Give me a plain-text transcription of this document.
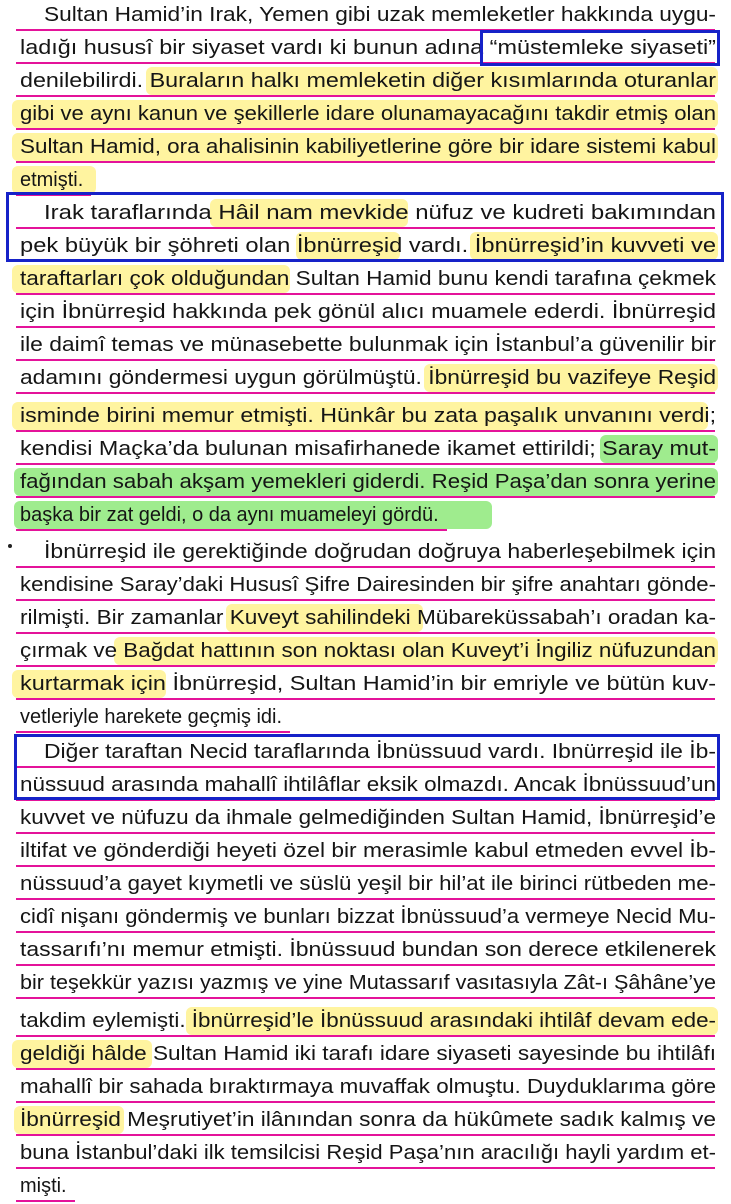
Sultan Hamid’in Irak, Yemen gibi uzak memleketler hakkında uygu-
ladığı hususî bir siyaset vardı ki bunun adına “müstemleke siyaseti”
denilebilirdi. Buraların halkı memleketin diğer kısımlarında oturanlar
gibi ve aynı kanun ve şekillerle idare olunamayacağını takdir etmiş olan
Sultan Hamid, ora ahalisinin kabiliyetlerine göre bir idare sistemi kabul
etmişti.
Irak taraflarında Hâil nam mevkide nüfuz ve kudreti bakımından
pek büyük bir şöhreti olan İbnürreşid vardı. İbnürreşid’in kuvveti ve
taraftarları çok olduğundan Sultan Hamid bunu kendi tarafına çekmek
için İbnürreşid hakkında pek gönül alıcı muamele ederdi. İbnürreşid
ile daimî temas ve münasebette bulunmak için İstanbul’a güvenilir bir
adamını göndermesi uygun görülmüştü. İbnürreşid bu vazifeye Reşid
isminde birini memur etmişti. Hünkâr bu zata paşalık unvanını verdi;
kendisi Maçka’da bulunan misafirhanede ikamet ettirildi; Saray mut-
fağından sabah akşam yemekleri giderdi. Reşid Paşa’dan sonra yerine
başka bir zat geldi, o da aynı muameleyi gördü.
İbnürreşid ile gerektiğinde doğrudan doğruya haberleşebilmek için
kendisine Saray’daki Hususî Şifre Dairesinden bir şifre anahtarı gönde-
rilmişti. Bir zamanlar Kuveyt sahilindeki Mübareküssabah’ı oradan ka-
çırmak ve Bağdat hattının son noktası olan Kuveyt’i İngiliz nüfuzundan
kurtarmak için İbnürreşid, Sultan Hamid’in bir emriyle ve bütün kuv-
vetleriyle harekete geçmiş idi.
Diğer taraftan Necid taraflarında İbnüssuud vardı. Ibnürreşid ile İb-
nüssuud arasında mahallî ihtilâflar eksik olmazdı. Ancak İbnüssuud’un
kuvvet ve nüfuzu da ihmale gelmediğinden Sultan Hamid, İbnürreşid’e
iltifat ve gönderdiği heyeti özel bir merasimle kabul etmeden evvel İb-
nüssuud’a gayet kıymetli ve süslü yeşil bir hil’at ile birinci rütbeden me-
cidî nişanı göndermiş ve bunları bizzat İbnüssuud’a vermeye Necid Mu-
tassarıfı’nı memur etmişti. İbnüssuud bundan son derece etkilenerek
bir teşekkür yazısı yazmış ve yine Mutassarıf vasıtasıyla Zât-ı Şâhâne’ye
takdim eylemişti. İbnürreşid’le İbnüssuud arasındaki ihtilâf devam ede-
geldiği hâlde Sultan Hamid iki tarafı idare siyaseti sayesinde bu ihtilâfı
mahallî bir sahada bıraktırmaya muvaffak olmuştu. Duyduklarıma göre
İbnürreşid Meşrutiyet’in ilânından sonra da hükûmete sadık kalmış ve
buna İstanbul’daki ilk temsilcisi Reşid Paşa’nın aracılığı hayli yardım et-
mişti.
